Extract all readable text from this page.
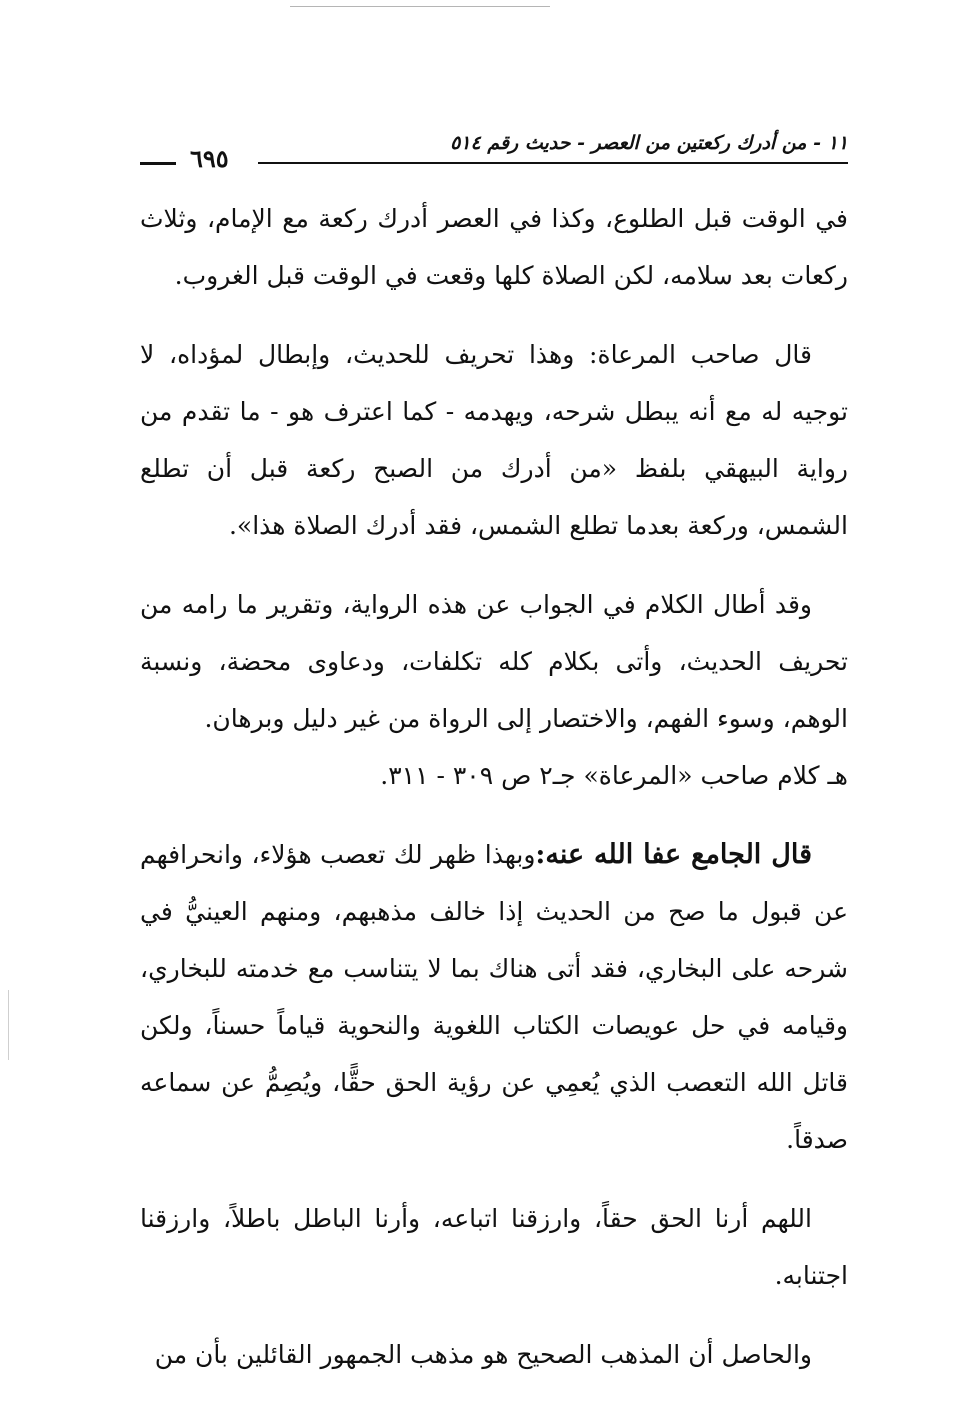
١١ - من أدرك ركعتين من العصر - حديث رقم ٥١٤
٦٩٥

في الوقت قبل الطلوع، وكذا في العصر أدرك ركعة مع الإمام، وثلاث ركعات بعد سلامه، لكن الصلاة كلها وقعت في الوقت قبل الغروب.

قال صاحب المرعاة: وهذا تحريف للحديث، وإبطال لمؤداه، لا توجيه له مع أنه يبطل شرحه، ويهدمه - كما اعترف هو - ما تقدم من رواية البيهقي بلفظ «من أدرك من الصبح ركعة قبل أن تطلع الشمس، وركعة بعدما تطلع الشمس، فقد أدرك الصلاة هذا».

وقد أطال الكلام في الجواب عن هذه الرواية، وتقرير ما رامه من تحريف الحديث، وأتى بكلام كله تكلفات، ودعاوى محضة، ونسبة الوهم، وسوء الفهم، والاختصار إلى الرواة من غير دليل وبرهان.
هـ كلام صاحب «المرعاة» جـ٢ ص ٣٠٩ - ٣١١.

قال الجامع عفا الله عنه:وبهذا ظهر لك تعصب هؤلاء، وانحرافهم عن قبول ما صح من الحديث إذا خالف مذهبهم، ومنهم العينيُّ في شرحه على البخاري، فقد أتى هناك بما لا يتناسب مع خدمته للبخاري، وقيامه في حل عويصات الكتاب اللغوية والنحوية قياماً حسناً، ولكن قاتل الله التعصب الذي يُعمِي عن رؤية الحق حقًّا، ويُصِمُّ عن سماعه صدقاً.

اللهم أرنا الحق حقاً، وارزقنا اتباعه، وأرنا الباطل باطلاً، وارزقنا اجتنابه.

والحاصل أن المذهب الصحيح هو مذهب الجمهور القائلين بأن من
